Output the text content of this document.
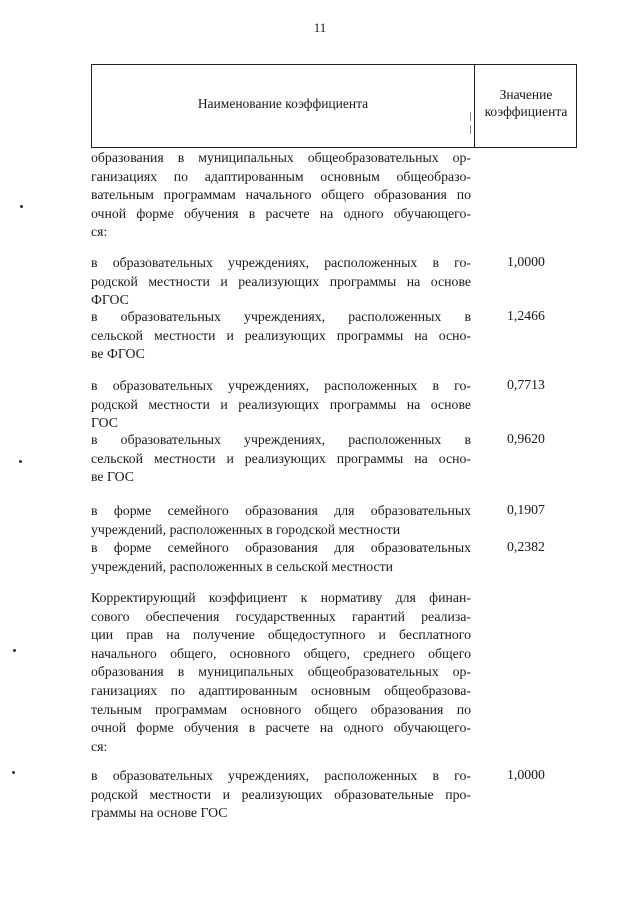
11
Наименование коэффициента
Значение
коэффициента
образования в муниципальных общеобразовательных ор-
ганизациях по адаптированным основным общеобразо-
вательным программам начального общего образования по
очной форме обучения в расчете на одного обучающего-
ся:
в образовательных учреждениях, расположенных в го-
родской местности и реализующих программы на основе
ФГОС
1,0000
в образовательных учреждениях, расположенных в
сельской местности и реализующих программы на осно-
ве ФГОС
1,2466
в образовательных учреждениях, расположенных в го-
родской местности и реализующих программы на основе
ГОС
0,7713
в образовательных учреждениях, расположенных в
сельской местности и реализующих программы на осно-
ве ГОС
0,9620
в форме семейного образования для образовательных
учреждений, расположенных в городской местности
0,1907
в форме семейного образования для образовательных
учреждений, расположенных в сельской местности
0,2382
Корректирующий коэффициент к нормативу для финан-
сового обеспечения государственных гарантий реализа-
ции прав на получение общедоступного и бесплатного
начального общего, основного общего, среднего общего
образования в муниципальных общеобразовательных ор-
ганизациях по адаптированным основным общеобразова-
тельным программам основного общего образования по
очной форме обучения в расчете на одного обучающего-
ся:
в образовательных учреждениях, расположенных в го-
родской местности и реализующих образовательные про-
граммы на основе ГОС
1,0000
